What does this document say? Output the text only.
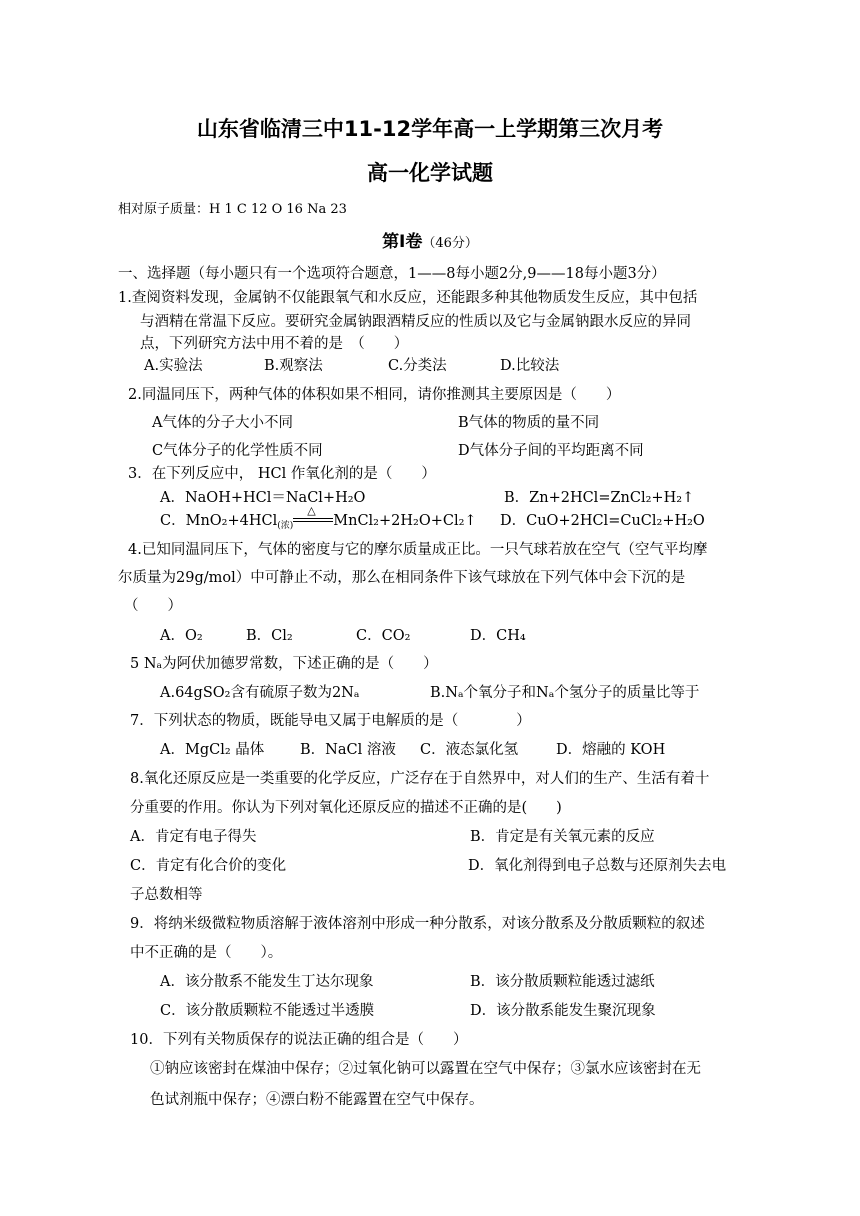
山东省临清三中11-12学年高一上学期第三次月考
高一化学试题
相对原子质量：H 1 C 12 O 16 Na 23
第Ⅰ卷（46分）
一、选择题（每小题只有一个选项符合题意，1——8每小题2分,9——18每小题3分）
1.查阅资料发现，金属钠不仅能跟氧气和水反应，还能跟多种其他物质发生反应，其中包括
与酒精在常温下反应。要研究金属钠跟酒精反应的性质以及它与金属钠跟水反应的异同
点，下列研究方法中用不着的是　（　　）
A.实验法	B.观察法	C.分类法	D.比较法
2.同温同压下，两种气体的体积如果不相同，请你推测其主要原因是（　　）
A气体的分子大小不同	B气体的物质的量不同
C气体分子的化学性质不同	D气体分子间的平均距离不同
3．在下列反应中， HCl 作氧化剂的是（　　）
A．NaOH+HCl＝NaCl+H₂O	B．Zn+2HCl=ZnCl₂+H₂↑
C．MnO₂+4HCl$_{(浓)}$
△
MnCl₂+2H₂O+Cl₂↑ D．CuO+2HCl=CuCl₂+H₂O
4.已知同温同压下，气体的密度与它的摩尔质量成正比。一只气球若放在空气（空气平均摩
尔质量为29g/mol）中可静止不动，那么在相同条件下该气球放在下列气体中会下沉的是
（　　）
A．O₂	B．Cl₂	C．CO₂	D．CH₄
5 Nₐ为阿伏加德罗常数，下述正确的是（　　）
A.64gSO₂含有硫原子数为2Nₐ	B.Nₐ个氧分子和Nₐ个氢分子的质量比等于
7．下列状态的物质，既能导电又属于电解质的是（　　　　）
A．MgCl₂ 晶体 B．NaCl 溶液 C．液态氯化氢	D．熔融的 KOH
8.氧化还原反应是一类重要的化学反应，广泛存在于自然界中，对人们的生产、生活有着十
分重要的作用。你认为下列对氧化还原反应的描述不正确的是(　　)
A．肯定有电子得失	B．肯定是有关氧元素的反应
C．肯定有化合价的变化	D．氧化剂得到电子总数与还原剂失去电
子总数相等
9．将纳米级微粒物质溶解于液体溶剂中形成一种分散系，对该分散系及分散质颗粒的叙述
中不正确的是（　　）。
A．该分散系不能发生丁达尔现象	B．该分散质颗粒能透过滤纸
C．该分散质颗粒不能透过半透膜	D．该分散系能发生聚沉现象
10．下列有关物质保存的说法正确的组合是（　　）
①钠应该密封在煤油中保存；②过氧化钠可以露置在空气中保存；③氯水应该密封在无
色试剂瓶中保存；④漂白粉不能露置在空气中保存。
